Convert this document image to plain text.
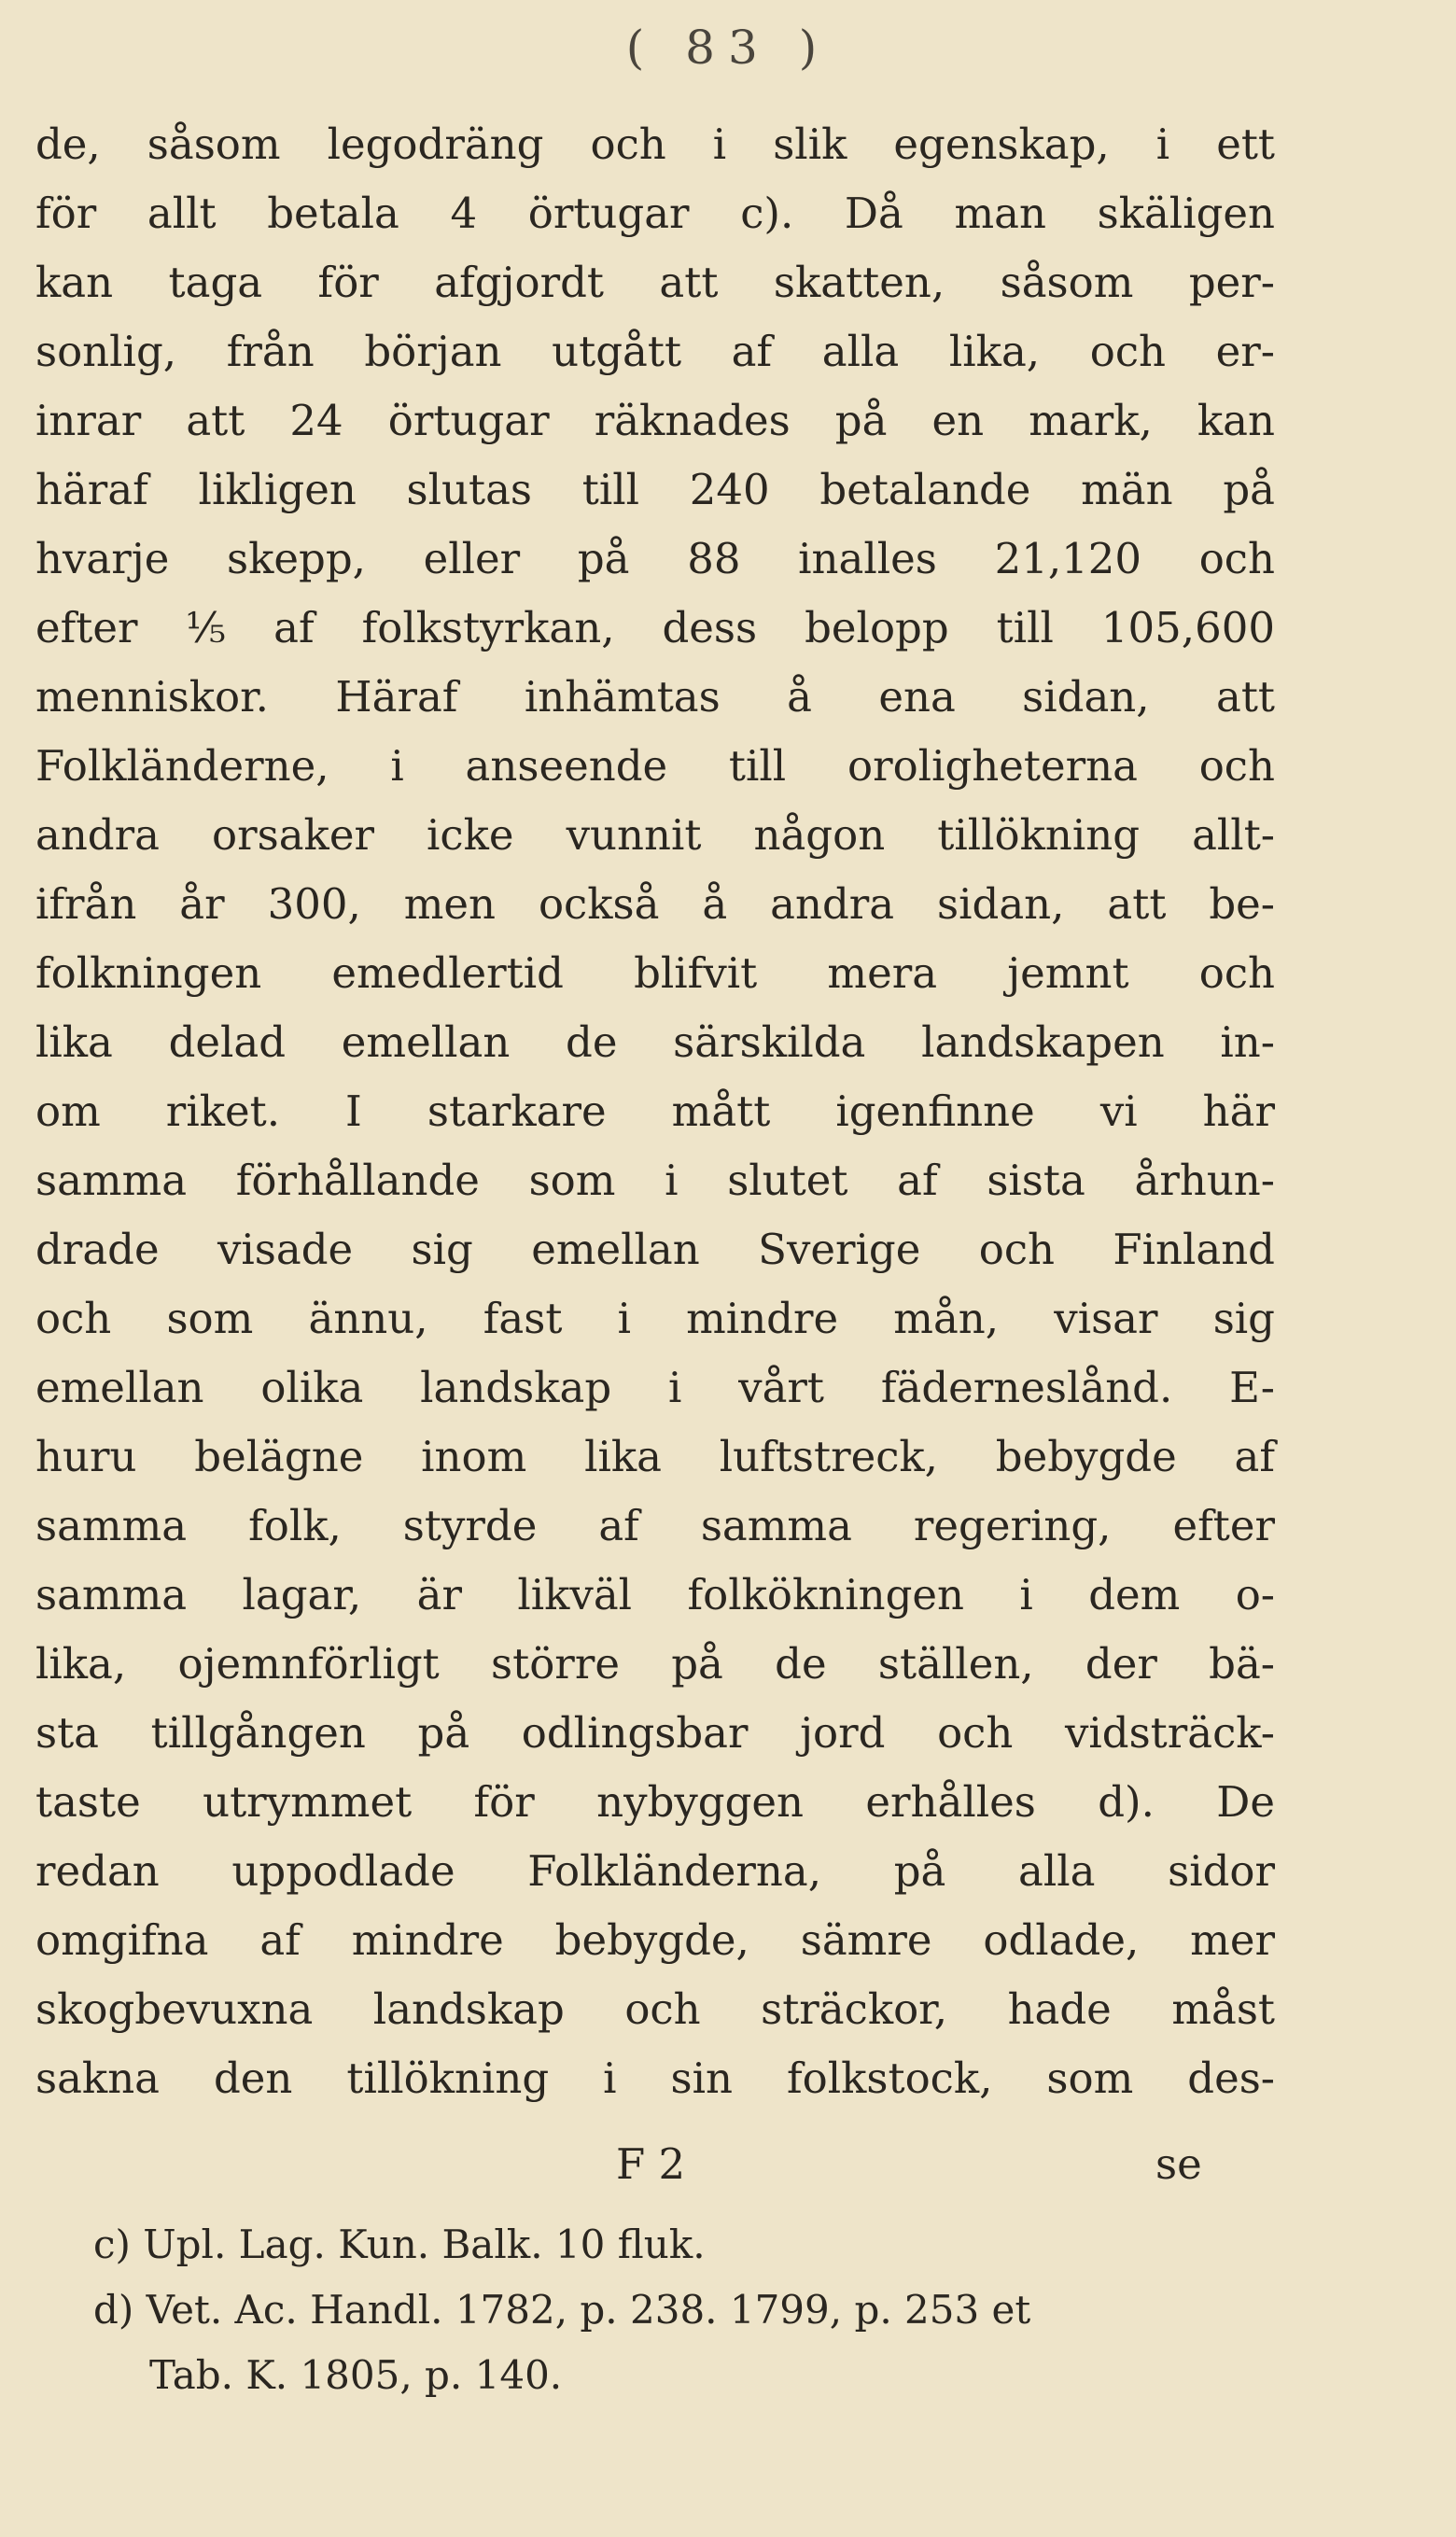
( 83 )
de, såsom legodräng och i slik egenskap, i ett
för allt betala 4 örtugar c). Då man skäligen
kan taga för afgjordt att skatten, såsom per-
sonlig, från början utgått af alla lika, och er-
inrar att 24 örtugar räknades på en mark, kan
häraf likligen slutas till 240 betalande män på
hvarje skepp, eller på 88 inalles 21,120 och
efter ⅕ af folkstyrkan, dess belopp till 105,600
menniskor. Häraf inhämtas å ena sidan, att
Folkländerne, i anseende till oroligheterna och
andra orsaker icke vunnit någon tillökning allt-
ifrån år 300, men också å andra sidan, att be-
folkningen emedlertid blifvit mera jemnt och
lika delad emellan de särskilda landskapen in-
om riket. I starkare mått igenfinne vi här
samma förhållande som i slutet af sista århun-
drade visade sig emellan Sverige och Finland
och som ännu, fast i mindre mån, visar sig
emellan olika landskap i vårt fäderneslånd. E-
huru belägne inom lika luftstreck, bebygde af
samma folk, styrde af samma regering, efter
samma lagar, är likväl folkökningen i dem o-
lika, ojemnförligt större på de ställen, der bä-
sta tillgången på odlingsbar jord och vidsträck-
taste utrymmet för nybyggen erhålles d). De
redan uppodlade Folkländerna, på alla sidor
omgifna af mindre bebygde, sämre odlade, mer
skogbevuxna landskap och sträckor, hade måst
sakna den tillökning i sin folkstock, som des-
F 2	se
c) Upl. Lag. Kun. Balk. 10 fluk.
d) Vet. Ac. Handl. 1782, p. 238. 1799, p. 253 et
Tab. K. 1805, p. 140.
